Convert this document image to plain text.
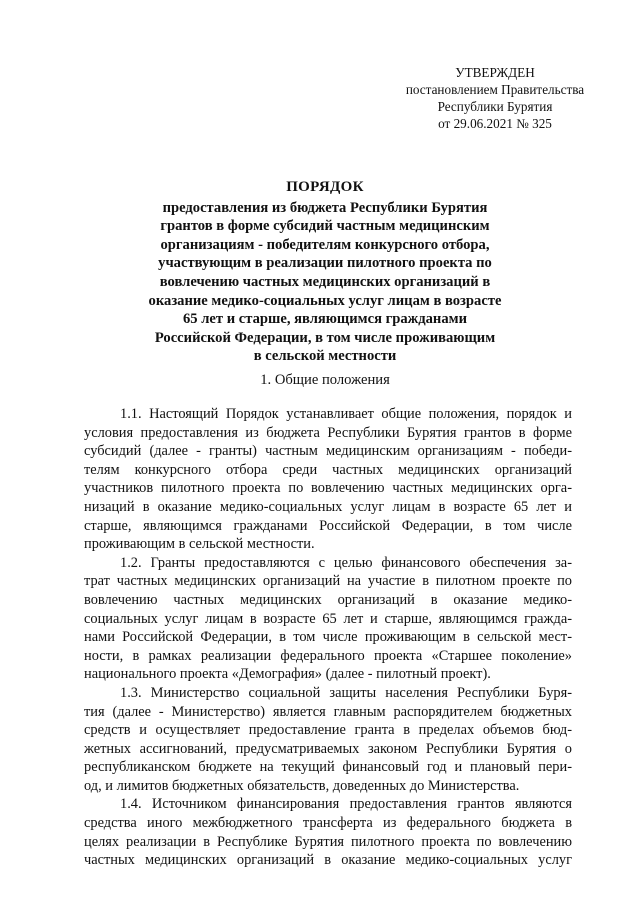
УТВЕРЖДЕН
постановлением Правительства
Республики Бурятия
от 29.06.2021 № 325
ПОРЯДОК
предоставления из бюджета Республики Бурятия
грантов в форме субсидий частным медицинским
организациям - победителям конкурсного отбора,
участвующим в реализации пилотного проекта по
вовлечению частных медицинских организаций в
оказание медико-социальных услуг лицам в возрасте
65 лет и старше, являющимся гражданами
Российской Федерации, в том числе проживающим
в сельской местности
1. Общие положения
1.1. Настоящий Порядок устанавливает общие положения, порядок и
условия предоставления из бюджета Республики Бурятия грантов в форме
субсидий (далее - гранты) частным медицинским организациям - победи-
телям конкурсного отбора среди частных медицинских организаций
участников пилотного проекта по вовлечению частных медицинских орга-
низаций в оказание медико-социальных услуг лицам в возрасте 65 лет и
старше, являющимся гражданами Российской Федерации, в том числе
проживающим в сельской местности.
1.2. Гранты предоставляются с целью финансового обеспечения за-
трат частных медицинских организаций на участие в пилотном проекте по
вовлечению частных медицинских организаций в оказание медико-
социальных услуг лицам в возрасте 65 лет и старше, являющимся гражда-
нами Российской Федерации, в том числе проживающим в сельской мест-
ности, в рамках реализации федерального проекта «Старшее поколение»
национального проекта «Демография» (далее - пилотный проект).
1.3. Министерство социальной защиты населения Республики Буря-
тия (далее - Министерство) является главным распорядителем бюджетных
средств и осуществляет предоставление гранта в пределах объемов бюд-
жетных ассигнований, предусматриваемых законом Республики Бурятия о
республиканском бюджете на текущий финансовый год и плановый пери-
од, и лимитов бюджетных обязательств, доведенных до Министерства.
1.4. Источником финансирования предоставления грантов являются
средства иного межбюджетного трансферта из федерального бюджета в
целях реализации в Республике Бурятия пилотного проекта по вовлечению
частных медицинских организаций в оказание медико-социальных услуг
